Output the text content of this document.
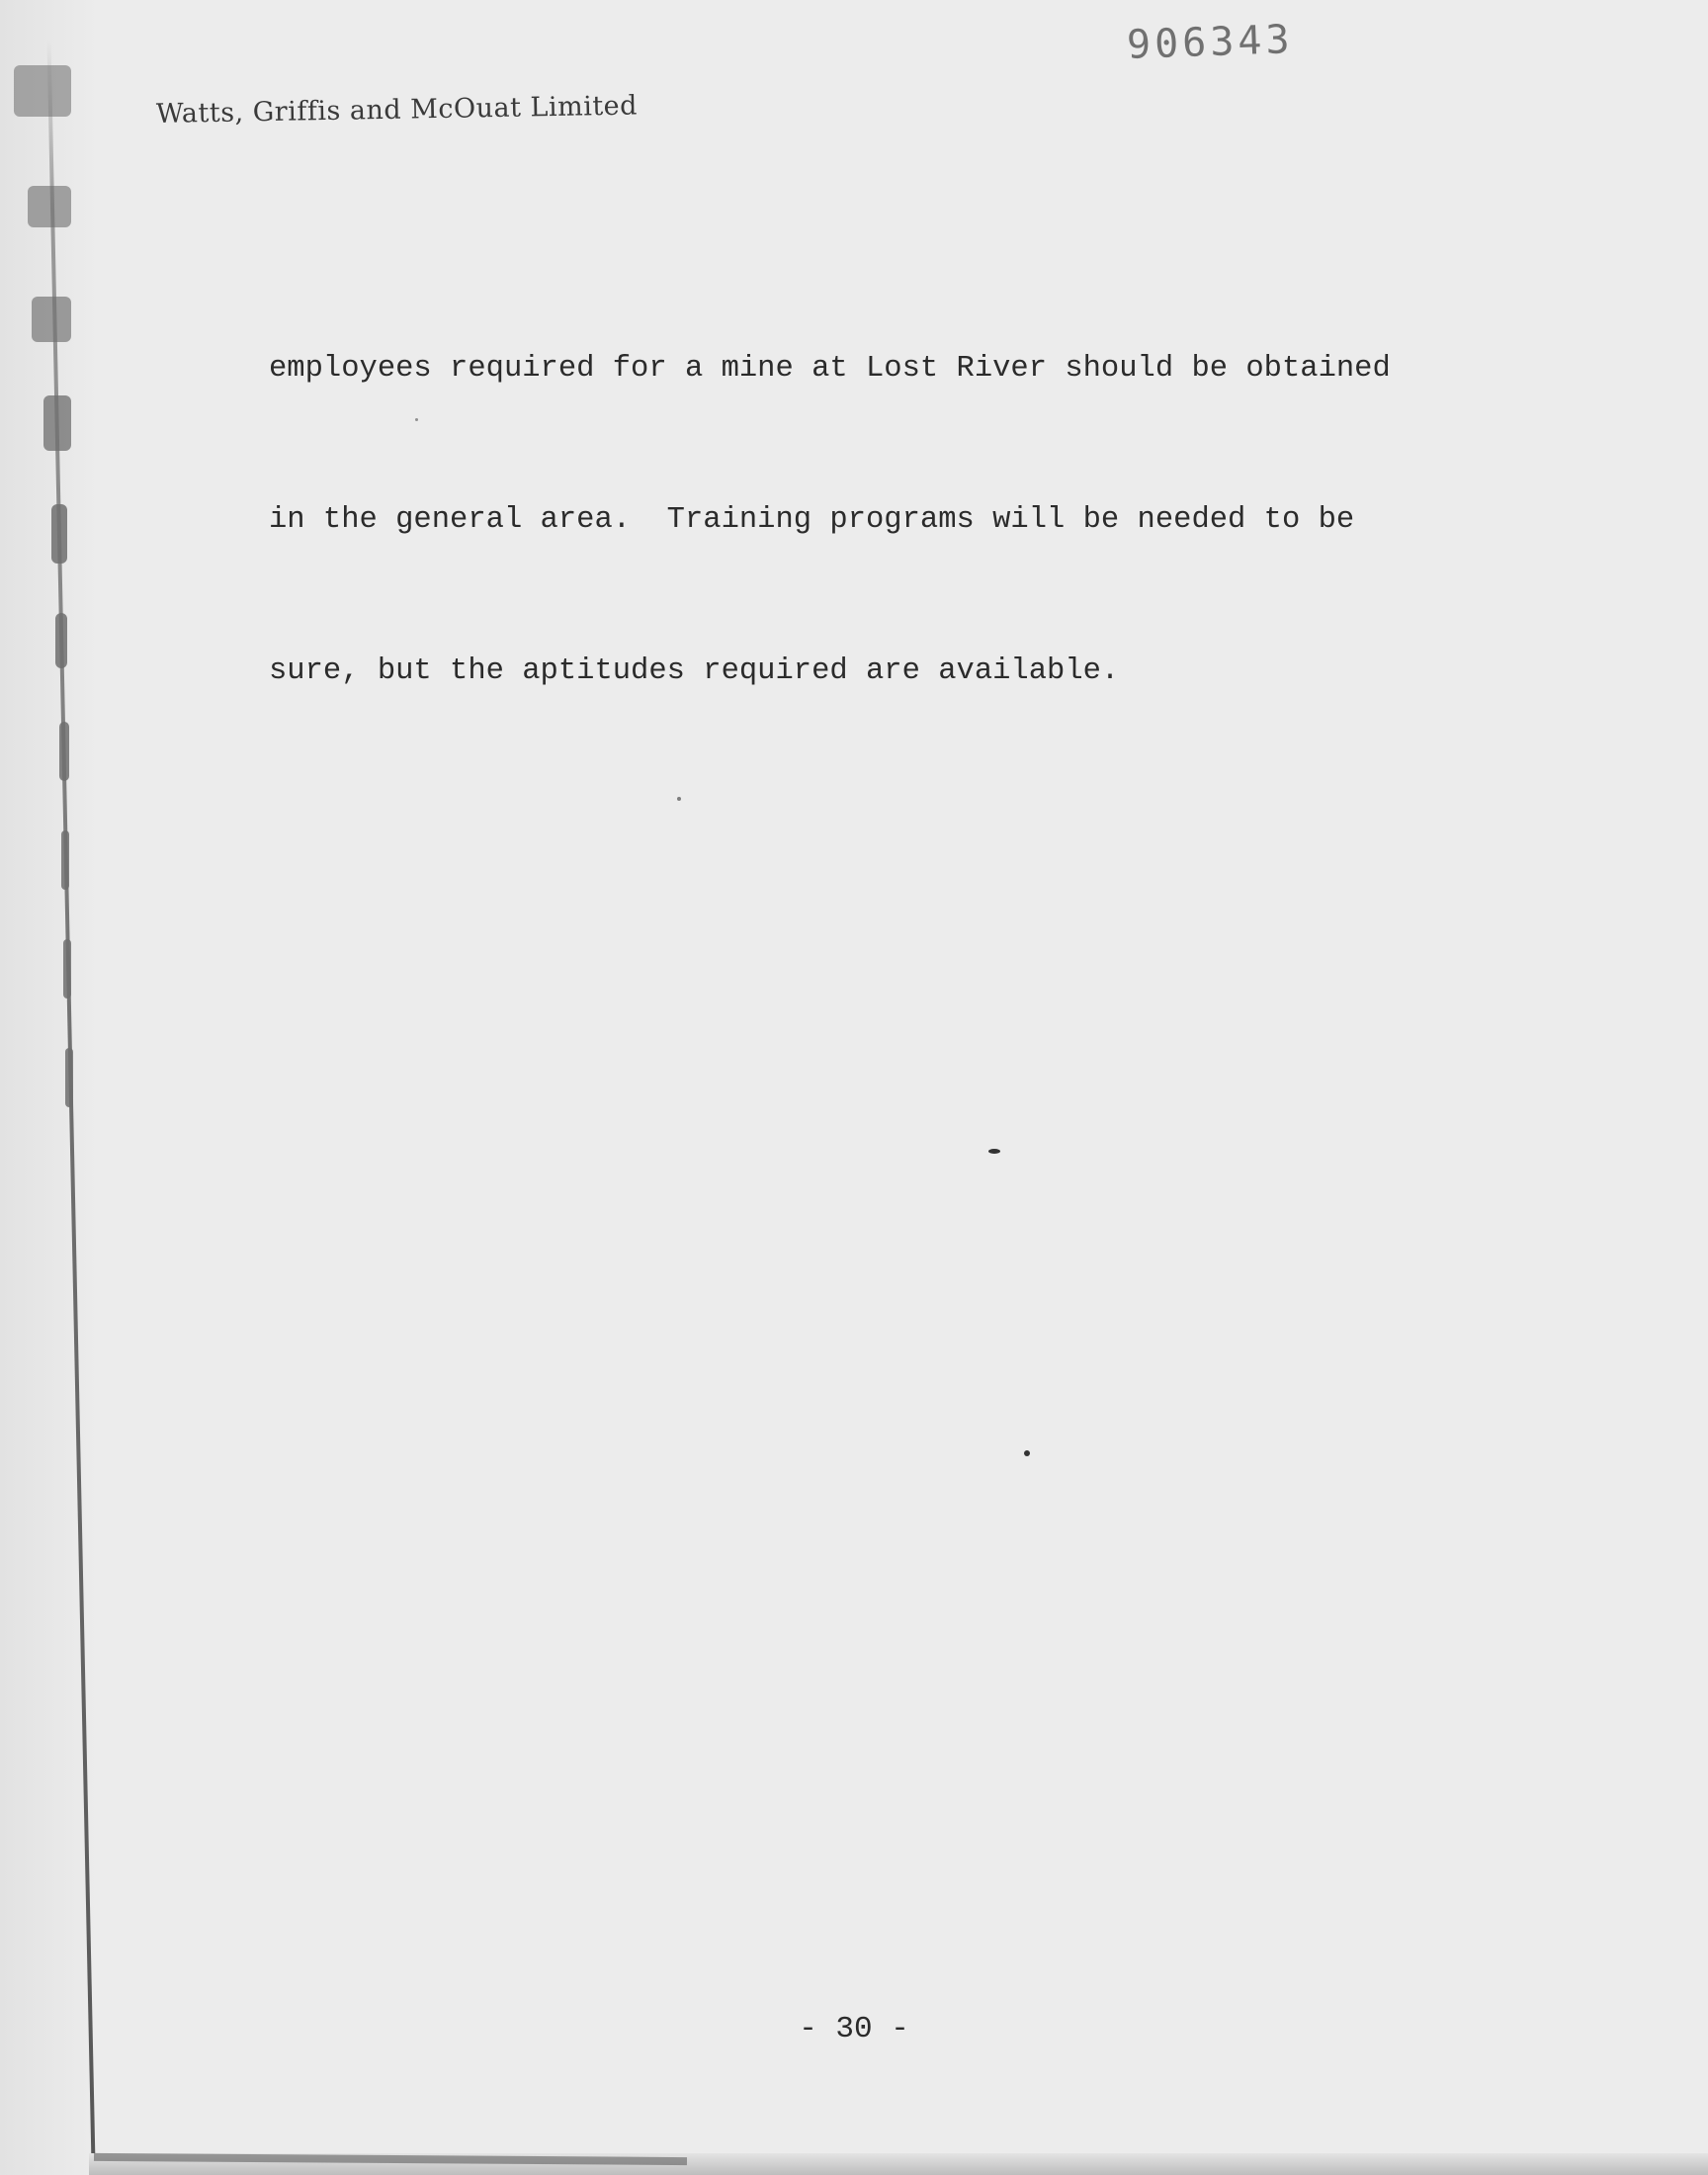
906343
Watts, Griffis and McOuat Limited

employees required for a mine at Lost River should be obtained

in the general area.  Training programs will be needed to be

sure, but the aptitudes required are available.

- 30 -
